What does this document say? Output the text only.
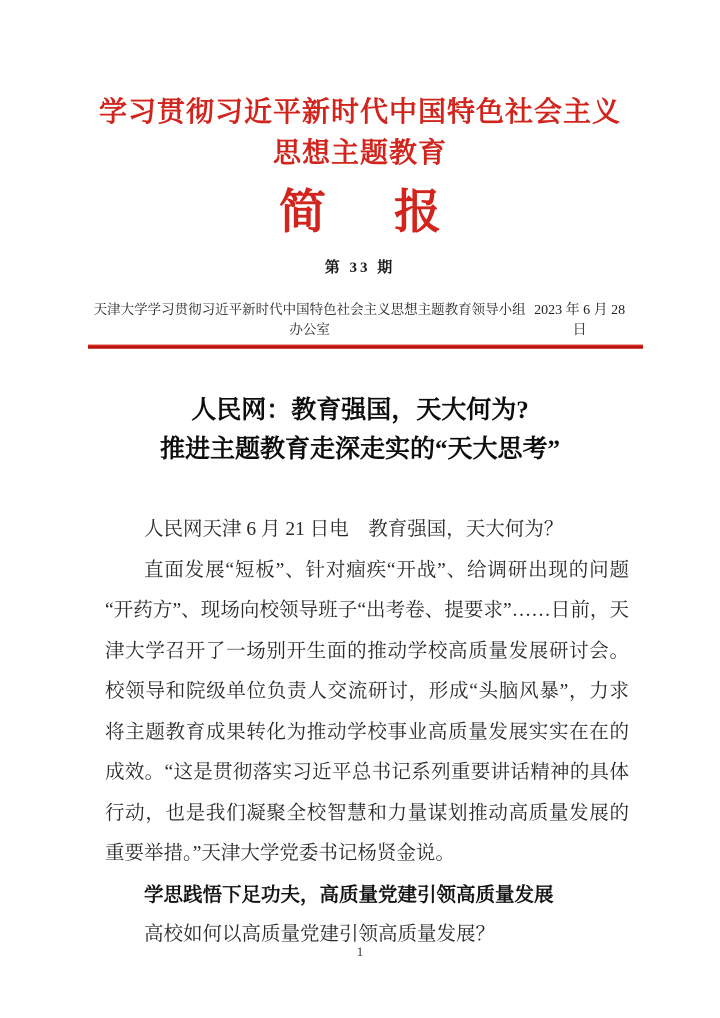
学习贯彻习近平新时代中国特色社会主义
思想主题教育
简 报
第 33 期
天津大学学习贯彻习近平新时代中国特色社会主义思想主题教育领导小组办公室
2023 年 6 月 28 日
人民网：教育强国，天大何为?
推进主题教育走深走实的“天大思考”

人民网天津 6 月 21 日电　教育强国，天大何为？

直面发展“短板”、针对痼疾“开战”、给调研出现的问题“开药方”、现场向校领导班子“出考卷、提要求”……日前，天津大学召开了一场别开生面的推动学校高质量发展研讨会。校领导和院级单位负责人交流研讨，形成“头脑风暴”，力求将主题教育成果转化为推动学校事业高质量发展实实在在的成效。“这是贯彻落实习近平总书记系列重要讲话精神的具体行动，也是我们凝聚全校智慧和力量谋划推动高质量发展的重要举措。”天津大学党委书记杨贤金说。

学思践悟下足功夫，高质量党建引领高质量发展

高校如何以高质量党建引领高质量发展？

1
